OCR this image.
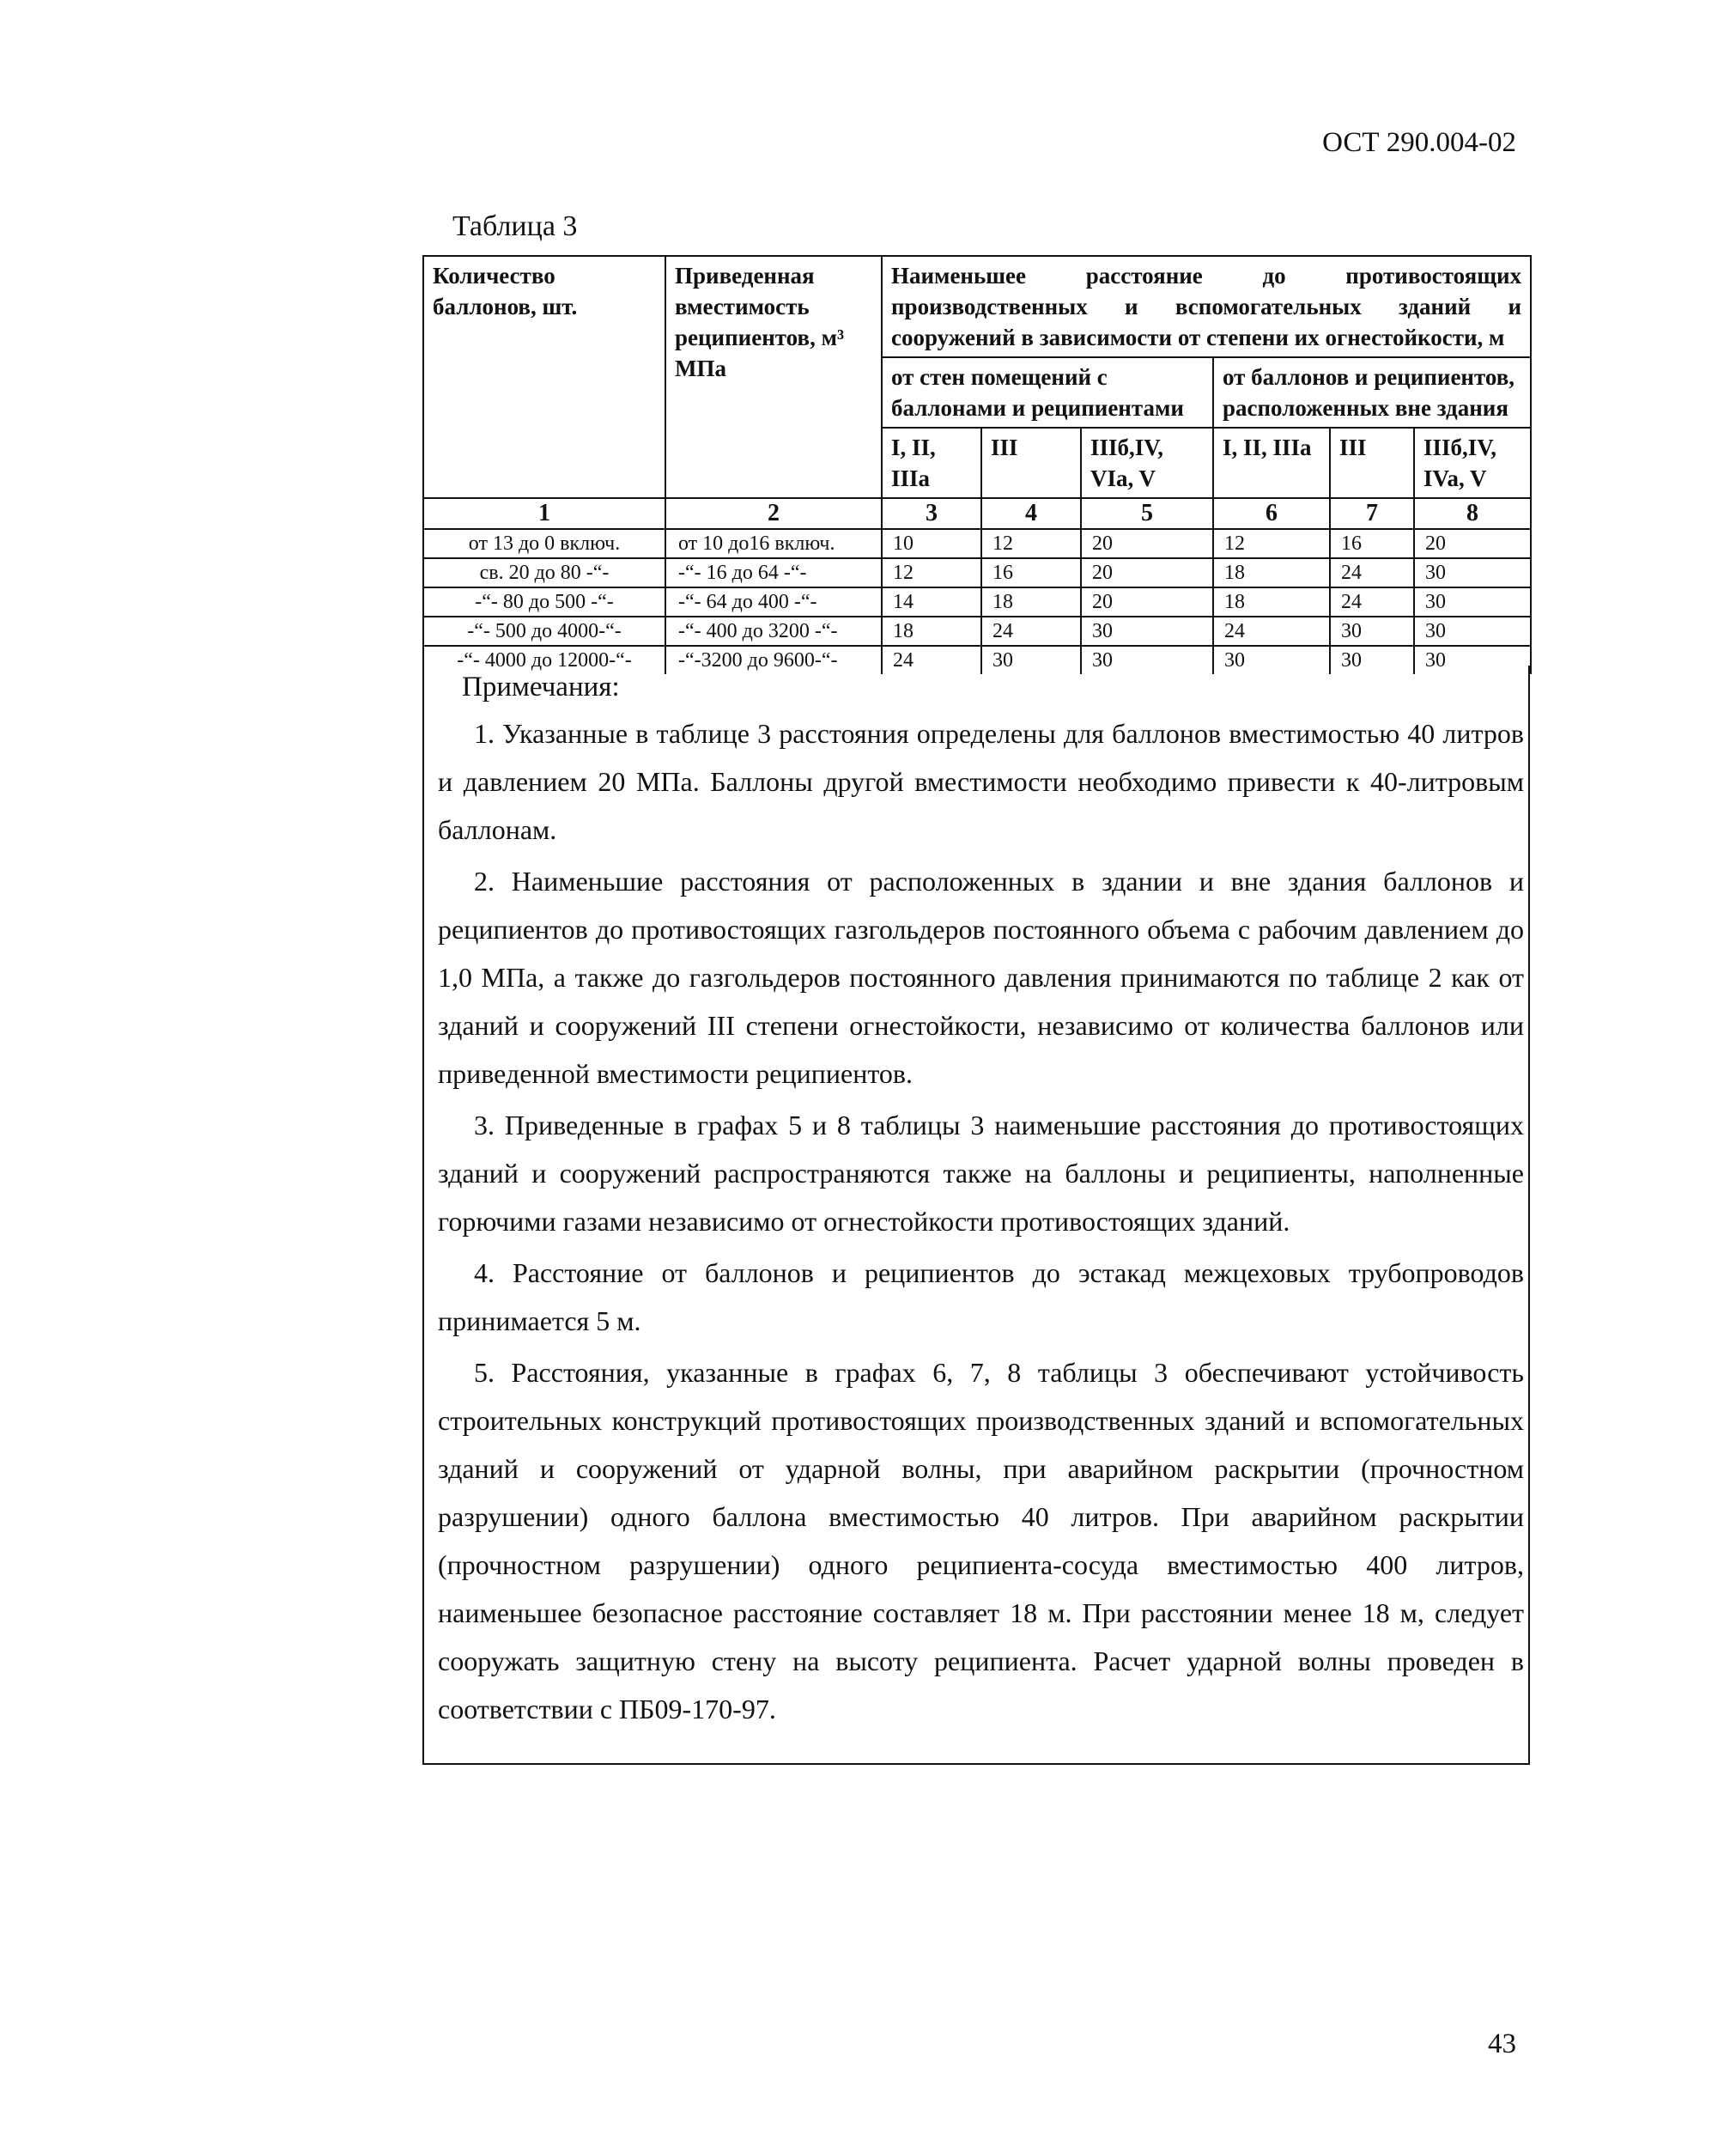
ОСТ 290.004-02
Таблица 3
Количество баллонов, шт.	Приведенная вместимость реципиентов, м³ МПа	Наименьшее расстояние до противостоящих производственных и вспомогательных зданий и сооружений в зависимости от степени их огнестойкости, м					
		от стен помещений с баллонами и реципиентами			от баллонов и реципиентов, расположенных вне здания		
		I, II, IIIa	III	IIIб,IV, VIa, V	I, II, IIIa	III	IIIб,IV, IVa, V
1	2	3	4	5	6	7	8
от 13 до 0 включ.	от 10 до16 включ.	10	12	20	12	16	20
св. 20 до 80 -“-	-“- 16 до 64 -“-	12	16	20	18	24	30
-“- 80 до 500 -“-	-“- 64 до 400 -“-	14	18	20	18	24	30
-“- 500 до 4000-“-	-“- 400 до 3200 -“-	18	24	30	24	30	30
-“- 4000 до 12000-“-	-“-3200 до 9600-“-	24	30	30	30	30	30
Примечания:

1. Указанные в таблице 3 расстояния определены для баллонов вместимостью 40 литров и давлением 20 МПа. Баллоны другой вместимости необходимо привести к 40-литровым баллонам.

2. Наименьшие расстояния от расположенных в здании и вне здания баллонов и реципиентов до противостоящих газгольдеров постоянного объема с рабочим давлением до 1,0 МПа, а также до газгольдеров постоянного давления принимаются по таблице 2 как от зданий и сооружений III степени огнестойкости, независимо от количества баллонов или приведенной вместимости реципиентов.

3. Приведенные в графах 5 и 8 таблицы 3 наименьшие расстояния до противостоящих зданий и сооружений распространяются также на баллоны и реципиенты, наполненные горючими газами независимо от огнестойкости противостоящих зданий.

4. Расстояние от баллонов и реципиентов до эстакад межцеховых трубопроводов принимается 5 м.

5. Расстояния, указанные в графах 6, 7, 8 таблицы 3 обеспечивают устойчивость строительных конструкций противостоящих производственных зданий и вспомогательных зданий и сооружений от ударной волны, при аварийном раскрытии (прочностном разрушении) одного баллона вместимостью 40 литров. При аварийном раскрытии (прочностном разрушении) одного реципиента-сосуда вместимостью 400 литров, наименьшее безопасное расстояние составляет 18 м. При расстоянии менее 18 м, следует сооружать защитную стену на высоту реципиента. Расчет ударной волны проведен в соответствии с ПБ09-170-97.

43
